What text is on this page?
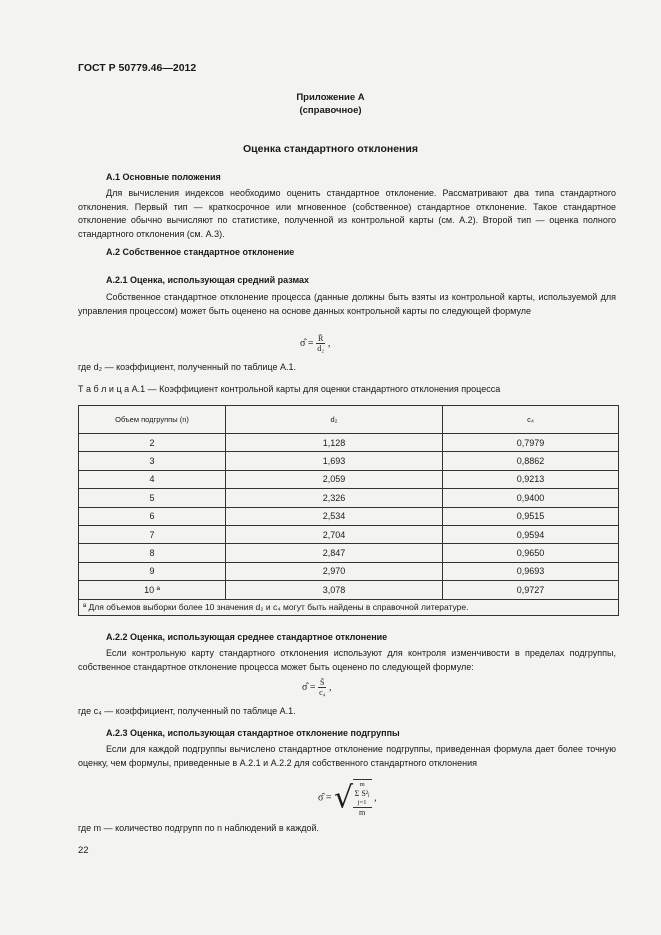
ГОСТ Р 50779.46—2012
Приложение А
(справочное)
Оценка стандартного отклонения
А.1 Основные положения
Для вычисления индексов необходимо оценить стандартное отклонение. Рассматривают два типа стандартного отклонения. Первый тип — краткосрочное или мгновенное (собственное) стандартное отклонение. Такое стандартное отклонение обычно вычисляют по статистике, полученной из контрольной карты (см. А.2). Второй тип — оценка полного стандартного отклонения (см. А.3).
А.2 Собственное стандартное отклонение
А.2.1 Оценка, использующая средний размах
Собственное стандартное отклонение процесса (данные должны быть взяты из контрольной карты, используемой для управления процессом) может быть оценено на основе данных контрольной карты по следующей формуле
σ̂ = $\frac{R̄}{\text{d₂}}$ ,
где d₂ — коэффициент, полученный по таблице А.1.
Т а б л и ц а А.1 — Коэффициент контрольной карты для оценки стандартного отклонения процесса
Объем подгруппы (n)	d₂	c₄
2	1,128	0,7979
3	1,693	0,8862
4	2,059	0,9213
5	2,326	0,9400
6	2,534	0,9515
7	2,704	0,9594
8	2,847	0,9650
9	2,970	0,9693
10 ª	3,078	0,9727
ª Для объемов выборки более 10 значения d₂ и c₄ могут быть найдены в справочной литературе.		
А.2.2 Оценка, использующая среднее стандартное отклонение
Если контрольную карту стандартного отклонения используют для контроля изменчивости в пределах подгруппы, собственное стандартное отклонение процесса может быть оценено по следующей формуле:
σ̂ = $\frac{S̄}{\text{c₄}}$ ,
где c₄ — коэффициент, полученный по таблице А.1.
А.2.3 Оценка, использующая стандартное отклонение подгруппы
Если для каждой подгруппы вычислено стандартное отклонение подгруппы, приведенная формула дает более точную оценку, чем формулы, приведенные в А.2.1 и А.2.2 для собственного стандартного отклонения
σ̂ = √ m
Σ S²ⱼ
j=1
m ,
где m — количество подгрупп по n наблюдений в каждой.
22
